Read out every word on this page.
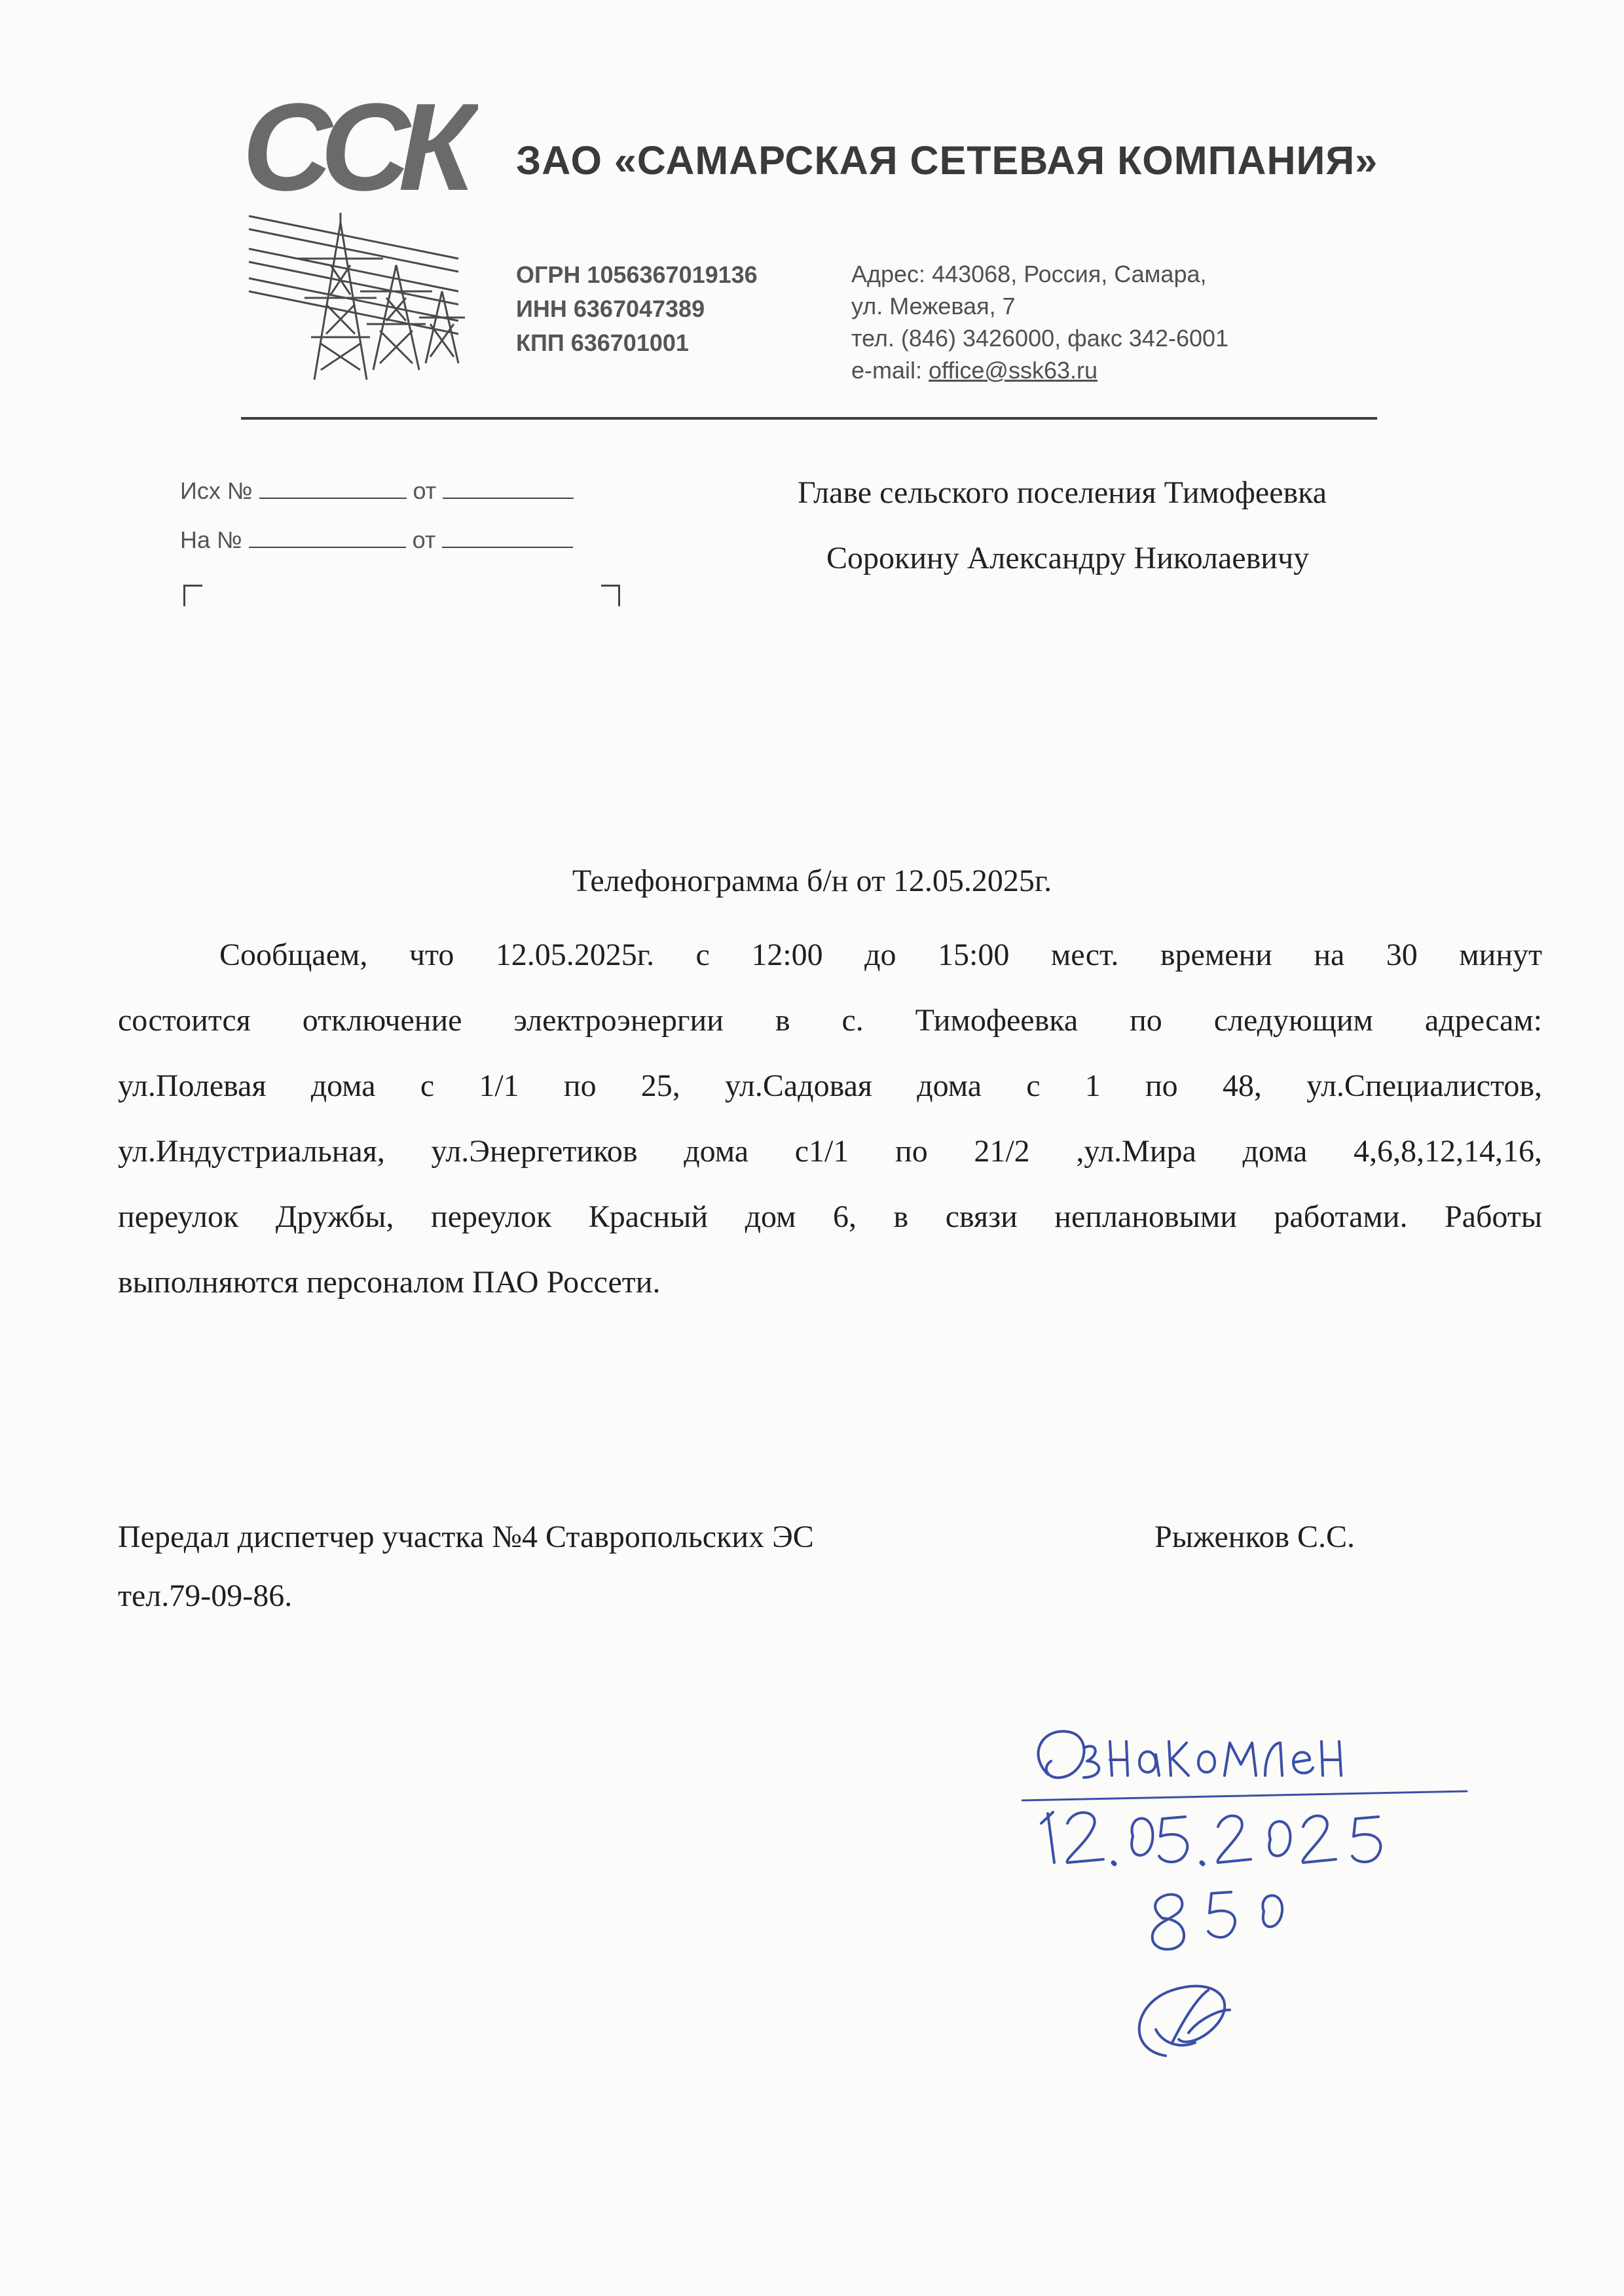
ССК	ЗАО «САМАРСКАЯ СЕТЕВАЯ КОМПАНИЯ»
ОГРН 1056367019136
ИНН 6367047389
КПП 636701001
Адрес: 443068, Россия, Самара,
ул. Межевая, 7
тел. (846) 3426000, факс 342-6001
e-mail: office@ssk63.ru
Исх №	от
На №	от
Главе сельского поселения Тимофеевка
Сорокину Александру Николаевичу
Телефонограмма б/н от 12.05.2025г.
Сообщаем, что 12.05.2025г. с 12:00 до 15:00 мест. времени на 30 минут
состоится отключение электроэнергии в с. Тимофеевка по следующим адресам:
ул.Полевая дома с 1/1 по 25, ул.Садовая дома с 1 по 48, ул.Специалистов,
ул.Индустриальная, ул.Энергетиков дома с1/1 по 21/2 ,ул.Мира дома 4,6,8,12,14,16,
переулок Дружбы, переулок Красный дом 6, в связи неплановыми работами. Работы
выполняются персоналом ПАО Россети.
Передал диспетчер участка №4 Ставропольских ЭС	Рыженков С.С.
тел.79-09-86.
